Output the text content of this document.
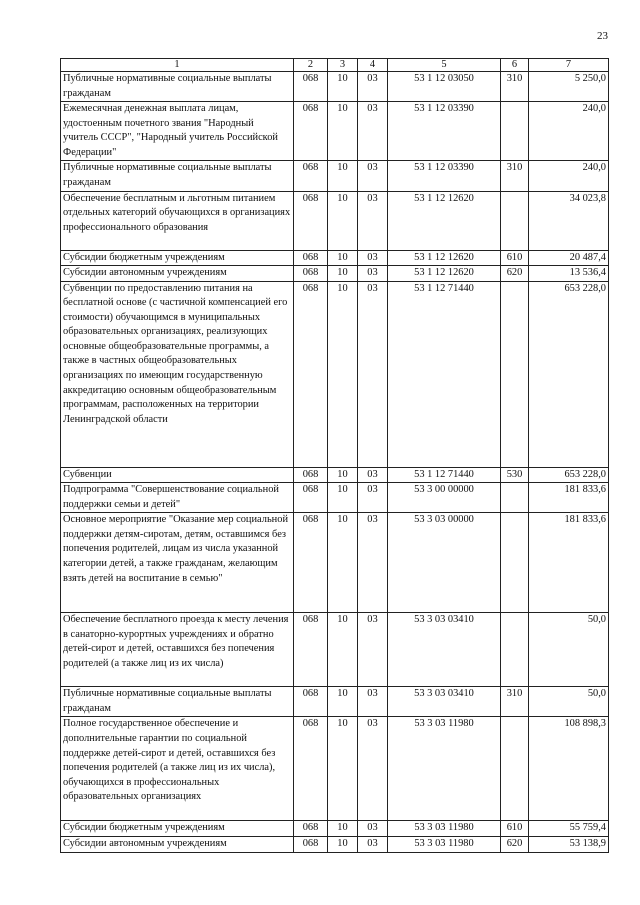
23
1	2	3	4	5	6	7
Публичные нормативные социальные выплаты гражданам	068	10	03	53 1 12 03050	310	5 250,0
Ежемесячная денежная выплата лицам, удостоенным почетного звания "Народный учитель СССР", "Народный учитель Российской Федерации"	068	10	03	53 1 12 03390		240,0
Публичные нормативные социальные выплаты гражданам	068	10	03	53 1 12 03390	310	240,0
Обеспечение бесплатным и льготным питанием отдельных категорий обучающихся в организациях профессионального образования	068	10	03	53 1 12 12620		34 023,8
Субсидии бюджетным учреждениям	068	10	03	53 1 12 12620	610	20 487,4
Субсидии автономным учреждениям	068	10	03	53 1 12 12620	620	13 536,4
Субвенции по предоставлению питания на бесплатной основе (с частичной компенсацией его стоимости) обучающимся в муниципальных образовательных организациях, реализующих основные общеобразовательные программы, а также в частных общеобразовательных организациях по имеющим государственную аккредитацию основным общеобразовательным программам, расположенных на территории Ленинградской области	068	10	03	53 1 12 71440		653 228,0
Субвенции	068	10	03	53 1 12 71440	530	653 228,0
Подпрограмма "Совершенствование социальной поддержки семьи и детей"	068	10	03	53 3 00 00000		181 833,6
Основное мероприятие "Оказание мер социальной поддержки детям-сиротам, детям, оставшимся без попечения родителей, лицам из числа указанной категории детей, а также гражданам, желающим взять детей на воспитание в семью"	068	10	03	53 3 03 00000		181 833,6
Обеспечение бесплатного проезда к месту лечения в санаторно-курортных учреждениях и обратно детей-сирот и детей, оставшихся без попечения родителей (а также лиц из их числа)	068	10	03	53 3 03 03410		50,0
Публичные нормативные социальные выплаты гражданам	068	10	03	53 3 03 03410	310	50,0
Полное государственное обеспечение и дополнительные гарантии по социальной поддержке детей-сирот и детей, оставшихся без попечения родителей (а также лиц из их числа), обучающихся в профессиональных образовательных организациях	068	10	03	53 3 03 11980		108 898,3
Субсидии бюджетным учреждениям	068	10	03	53 3 03 11980	610	55 759,4
Субсидии автономным учреждениям	068	10	03	53 3 03 11980	620	53 138,9
